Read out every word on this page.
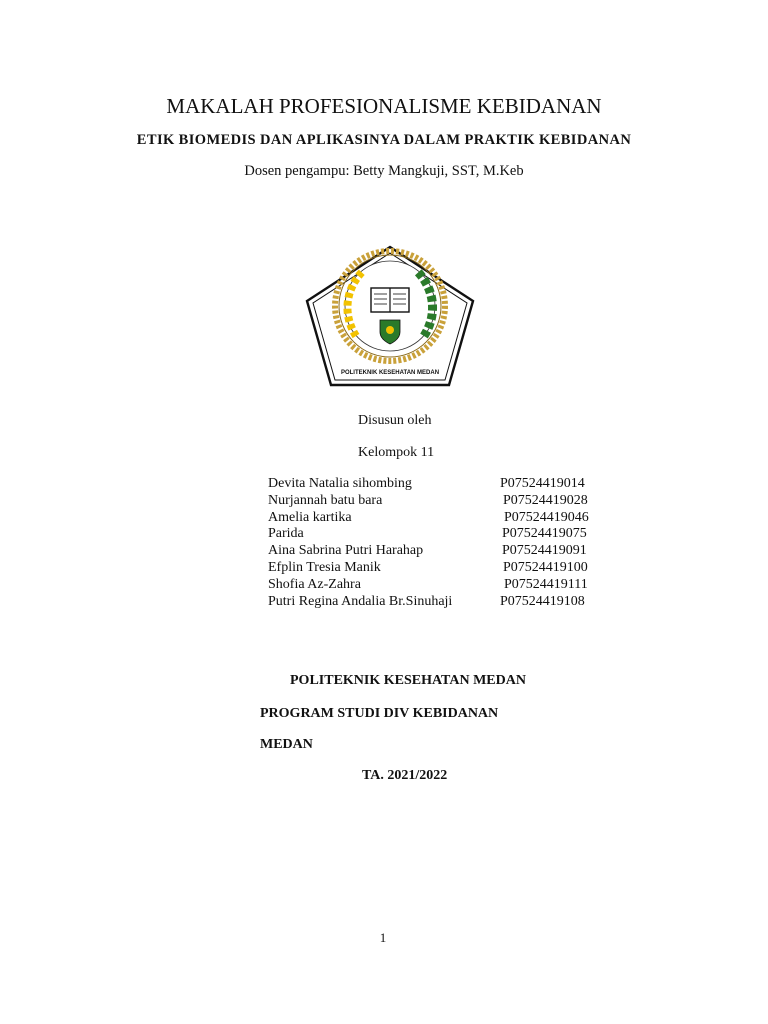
MAKALAH PROFESIONALISME KEBIDANAN
ETIK BIOMEDIS DAN APLIKASINYA DALAM PRAKTIK KEBIDANAN
Dosen pengampu: Betty Mangkuji, SST, M.Keb
POLITEKNIK KESEHATAN MEDAN
Disusun oleh
Kelompok 11
Devita Natalia sihombing	P07524419014
Nurjannah batu bara	P07524419028
Amelia kartika	P07524419046
Parida	P07524419075
Aina Sabrina Putri Harahap	P07524419091
Efplin Tresia Manik	P07524419100
Shofia Az-Zahra	P07524419111
Putri Regina Andalia Br.Sinuhaji	P07524419108
POLITEKNIK KESEHATAN MEDAN
PROGRAM STUDI DIV KEBIDANAN
MEDAN
TA. 2021/2022
1
